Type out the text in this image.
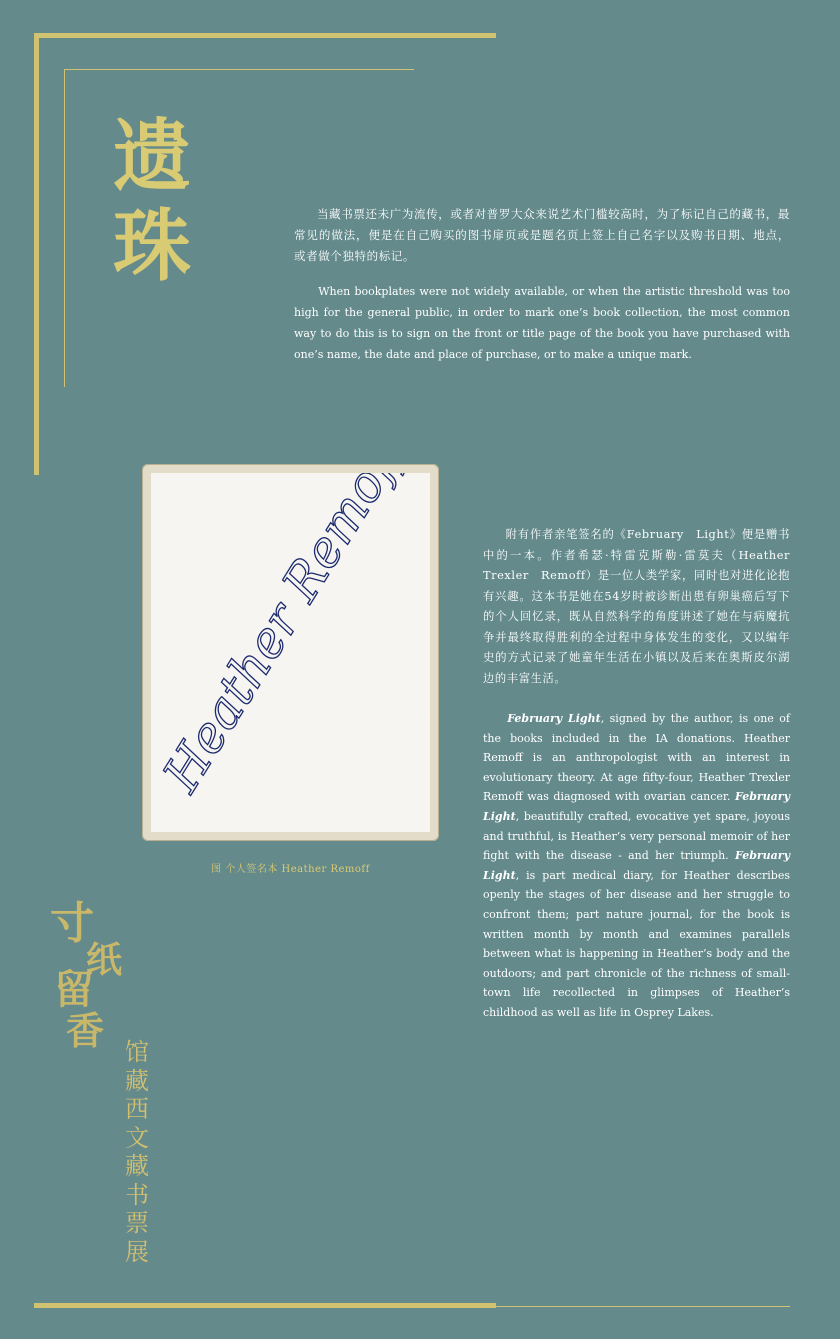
遗
珠	当藏书票还未广为流传，或者对普罗大众来说艺术门槛较高时，为了标记自己的藏书，最常见的做法，便是在自己购买的图书扉页或是题名页上签上自己名字以及购书日期、地点，或者做个独特的标记。

When bookplates were not widely available, or when the artistic threshold was too high for the general public, in order to mark one’s book collection, the most common way to do this is to sign on the front or title page of the book you have purchased with one’s name, the date and place of purchase, or to make a unique mark.

Heather Remoff
图 个人签名本 Heather Remoff

附有作者亲笔签名的《February　Light》便是赠书中的一本。作者希瑟·特雷克斯勒·雷莫夫（Heather　Trexler　Remoff）是一位人类学家，同时也对进化论抱有兴趣。这本书是她在54岁时被诊断出患有卵巢癌后写下的个人回忆录，既从自然科学的角度讲述了她在与病魔抗争并最终取得胜利的全过程中身体发生的变化，又以编年史的方式记录了她童年生活在小镇以及后来在奥斯皮尔湖边的丰富生活。

February Light, signed by the author, is one of the books included in the IA donations. Heather Remoff is an anthropologist with an interest in evolutionary theory. At age fifty-four, Heather Trexler Remoff was diagnosed with ovarian cancer. February Light, beautifully crafted, evocative yet spare, joyous and truthful, is Heather’s very personal memoir of her fight with the disease - and her triumph. February Light, is part medical diary, for Heather describes openly the stages of her disease and her struggle to confront them; part nature journal, for the book is written month by month and examines parallels between what is happening in Heather’s body and the outdoors; and part chronicle of the richness of small-town life recollected in glimpses of Heather’s childhood as well as life in Osprey Lakes.

寸
纸
留
香 馆藏西文藏书票展
